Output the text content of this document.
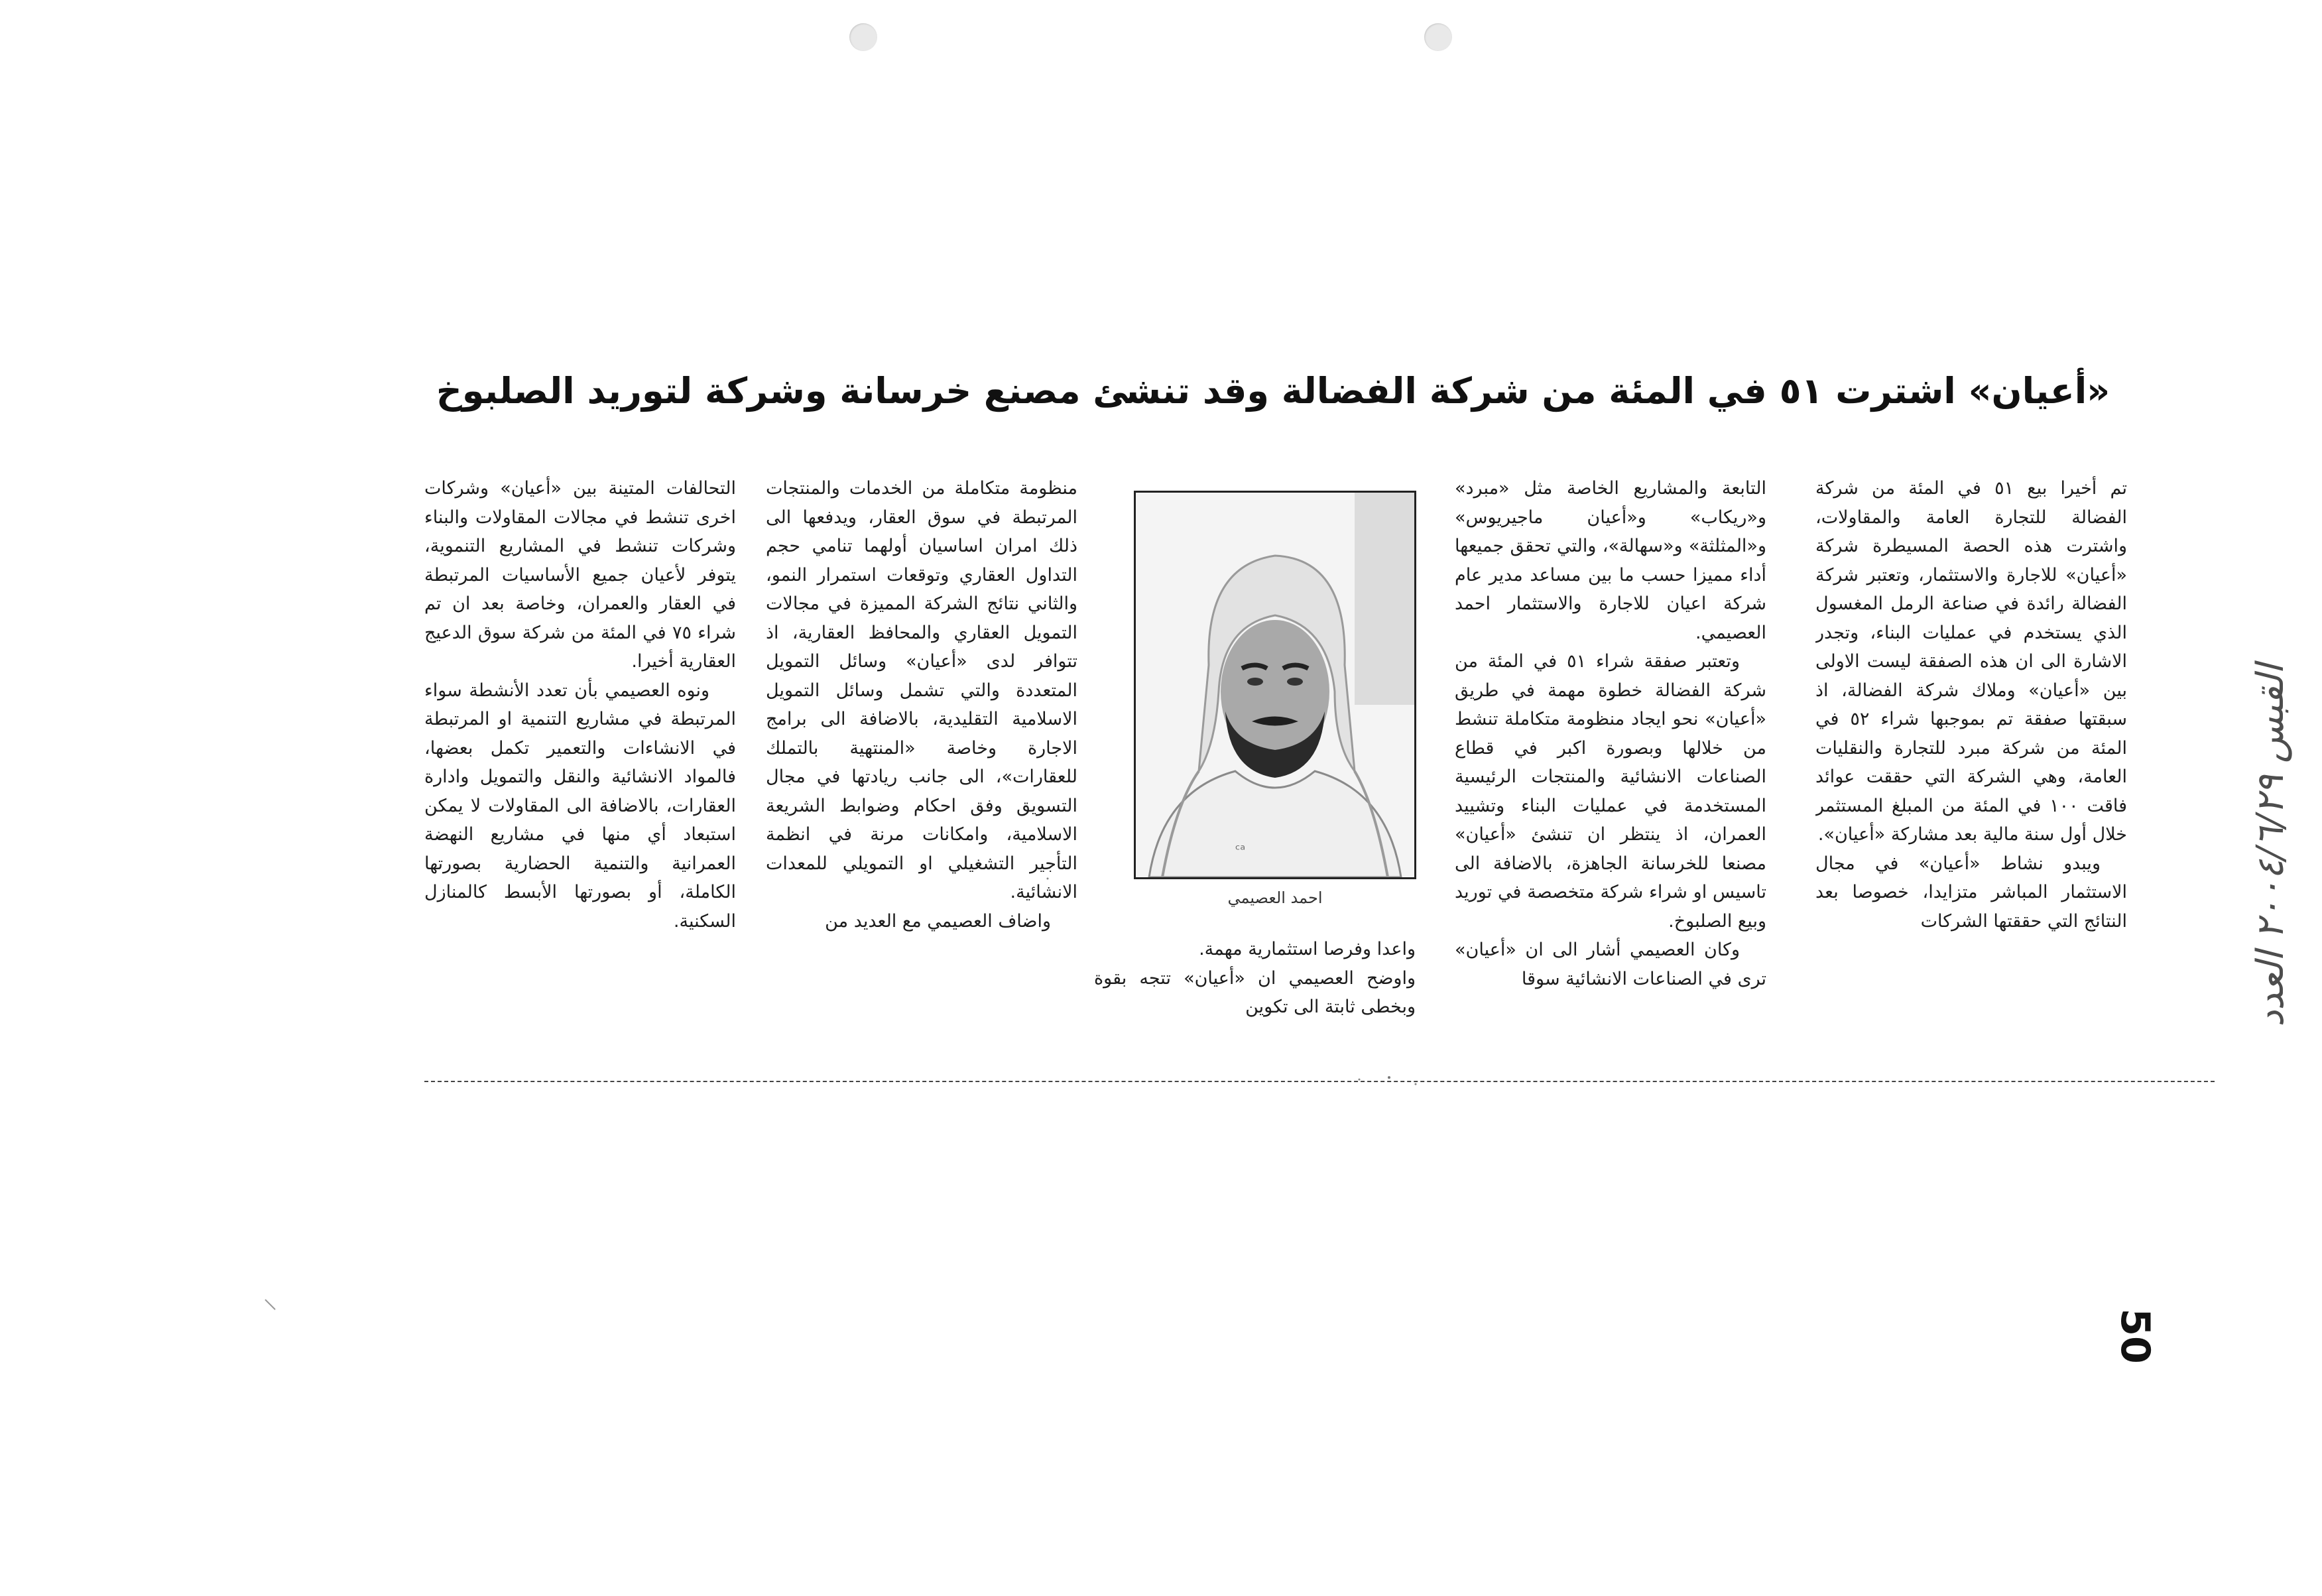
«أعيان» اشترت ٥١ في المئة من شركة الفضالة وقد تنشئ مصنع خرسانة وشركة لتوريد الصلبوخ

تم أخيرا بيع ٥١ في المئة من شركة الفضالة للتجارة العامة والمقاولات، واشترت هذه الحصة المسيطرة شركة «أعيان» للاجارة والاستثمار، وتعتبر شركة الفضالة رائدة في صناعة الرمل المغسول الذي يستخدم في عمليات البناء، وتجدر الاشارة الى ان هذه الصفقة ليست الاولى بين «أعيان» وملاك شركة الفضالة، اذ سبقتها صفقة تم بموجبها شراء ٥٢ في المئة من شركة مبرد للتجارة والنقليات العامة، وهي الشركة التي حققت عوائد فاقت ١٠٠ في المئة من المبلغ المستثمر خلال أول سنة مالية بعد مشاركة «أعيان».

ويبدو نشاط «أعيان» في مجال الاستثمار المباشر متزايدا، خصوصا بعد النتائج التي حققتها الشركات

التابعة والمشاريع الخاصة مثل «مبرد» و«ريكاب» و«أعيان ماجيريوس» و«المثلثة» و«سهالة»، والتي تحقق جميعها أداء مميزا حسب ما بين مساعد مدير عام شركة اعيان للاجارة والاستثمار احمد العصيمي.

وتعتبر صفقة شراء ٥١ في المئة من شركة الفضالة خطوة مهمة في طريق «أعيان» نحو ايجاد منظومة متكاملة تنشط من خلالها وبصورة اكبر في قطاع الصناعات الانشائية والمنتجات الرئيسية المستخدمة في عمليات البناء وتشييد العمران، اذ ينتظر ان تنشئ «أعيان» مصنعا للخرسانة الجاهزة، بالاضافة الى تاسيس او شراء شركة متخصصة في توريد وبيع الصلبوخ.

وكان العصيمي أشار الى ان «أعيان» ترى في الصناعات الانشائية سوقا

ᶜᵃ
احمد العصيمي

واعدا وفرصا استثمارية مهمة.

واوضح العصيمي ان «أعيان» تتجه بقوة وبخطى ثابتة الى تكوين

منظومة متكاملة من الخدمات والمنتجات المرتبطة في سوق العقار، ويدفعها الى ذلك امران اساسيان أولهما تنامي حجم التداول العقاري وتوقعات استمرار النمو، والثاني نتائج الشركة المميزة في مجالات التمويل العقاري والمحافظ العقارية، اذ تتوافر لدى «أعيان» وسائل التمويل المتعددة والتي تشمل وسائل التمويل الاسلامية التقليدية، بالاضافة الى برامج الاجارة وخاصة «المنتهية بالتملك للعقارات»، الى جانب ريادتها في مجال التسويق وفق احكام وضوابط الشريعة الاسلامية، وامكانات مرنة في انظمة التأجير التشغيلي او التمويلي للمعدات الانشائية.

واضاف العصيمي مع العديد من

التحالفات المتينة بين «أعيان» وشركات اخرى تنشط في مجالات المقاولات والبناء وشركات تنشط في المشاريع التنموية، يتوفر لأعيان جميع الأساسيات المرتبطة في العقار والعمران، وخاصة بعد ان تم شراء ٧٥ في المئة من شركة سوق الدعيج العقارية أخيرا.

ونوه العصيمي بأن تعدد الأنشطة سواء المرتبطة في مشاريع التنمية او المرتبطة في الانشاءات والتعمير تكمل بعضها، فالمواد الانشائية والنقل والتمويل وادارة العقارات، بالاضافة الى المقاولات لا يمكن استبعاد أي منها في مشاريع النهضة العمرانية والتنمية الحضارية بصورتها الكاملة، أو بصورتها الأبسط كالمنازل السكنية.

50
القبس ٢٠٠٤/٦/٢٩ العدد
